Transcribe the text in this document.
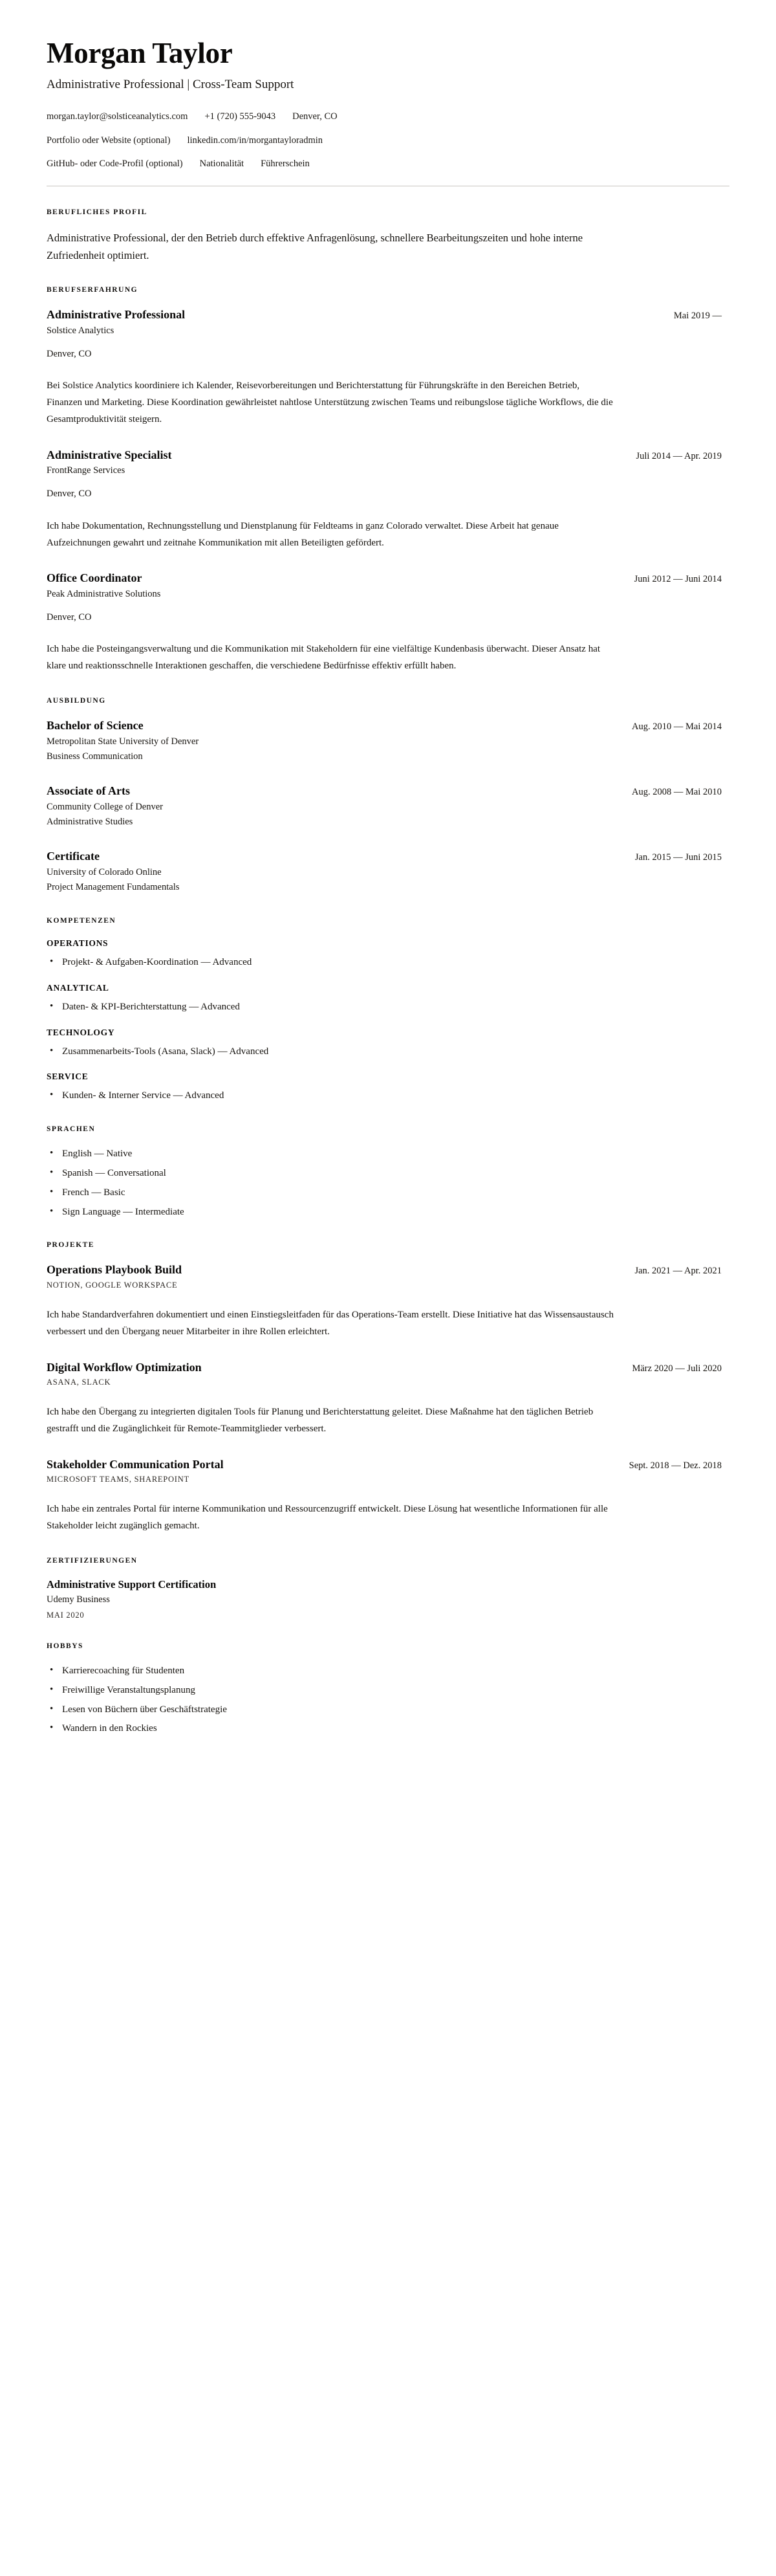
Morgan Taylor

Administrative Professional | Cross-Team Support

morgan.taylor@solsticeanalytics.com +1 (720) 555-9043 Denver, CO
Portfolio oder Website (optional) linkedin.com/in/morgantayloradmin
GitHub- oder Code-Profil (optional) Nationalität Führerschein
BERUFLICHES PROFIL

Administrative Professional, der den Betrieb durch effektive Anfragenlösung, schnellere Bearbeitungszeiten und hohe interne Zufriedenheit optimiert.

BERUFSERFAHRUNG
Administrative Professional	Mai 2019 —

Solstice Analytics

Denver, CO

Bei Solstice Analytics koordiniere ich Kalender, Reisevorbereitungen und Berichterstattung für Führungskräfte in den Bereichen Betrieb, Finanzen und Marketing. Diese Koordination gewährleistet nahtlose Unterstützung zwischen Teams und reibungslose tägliche Workflows, die die Gesamtproduktivität steigern.

Administrative Specialist	Juli 2014 — Apr. 2019

FrontRange Services

Denver, CO

Ich habe Dokumentation, Rechnungsstellung und Dienstplanung für Feldteams in ganz Colorado verwaltet. Diese Arbeit hat genaue Aufzeichnungen gewahrt und zeitnahe Kommunikation mit allen Beteiligten gefördert.

Office Coordinator	Juni 2012 — Juni 2014

Peak Administrative Solutions

Denver, CO

Ich habe die Posteingangsverwaltung und die Kommunikation mit Stakeholdern für eine vielfältige Kundenbasis überwacht. Dieser Ansatz hat klare und reaktionsschnelle Interaktionen geschaffen, die verschiedene Bedürfnisse effektiv erfüllt haben.

AUSBILDUNG
Bachelor of Science	Aug. 2010 — Mai 2014

Metropolitan State University of Denver

Business Communication

Associate of Arts	Aug. 2008 — Mai 2010

Community College of Denver

Administrative Studies

Certificate	Jan. 2015 — Juni 2015

University of Colorado Online

Project Management Fundamentals

KOMPETENZEN
OPERATIONS
• Projekt- & Aufgaben-Koordination — Advanced
ANALYTICAL
• Daten- & KPI-Berichterstattung — Advanced
TECHNOLOGY
• Zusammenarbeits-Tools (Asana, Slack) — Advanced
SERVICE
• Kunden- & Interner Service — Advanced
SPRACHEN
• English — Native
• Spanish — Conversational
• French — Basic
• Sign Language — Intermediate
PROJEKTE
Operations Playbook Build	Jan. 2021 — Apr. 2021

NOTION, GOOGLE WORKSPACE

Ich habe Standardverfahren dokumentiert und einen Einstiegsleitfaden für das Operations-Team erstellt. Diese Initiative hat das Wissensaustausch verbessert und den Übergang neuer Mitarbeiter in ihre Rollen erleichtert.

Digital Workflow Optimization	März 2020 — Juli 2020

ASANA, SLACK

Ich habe den Übergang zu integrierten digitalen Tools für Planung und Berichterstattung geleitet. Diese Maßnahme hat den täglichen Betrieb gestrafft und die Zugänglichkeit für Remote-Teammitglieder verbessert.

Stakeholder Communication Portal	Sept. 2018 — Dez. 2018

MICROSOFT TEAMS, SHAREPOINT

Ich habe ein zentrales Portal für interne Kommunikation und Ressourcenzugriff entwickelt. Diese Lösung hat wesentliche Informationen für alle Stakeholder leicht zugänglich gemacht.

ZERTIFIZIERUNGEN
Administrative Support Certification

Udemy Business

MAI 2020

HOBBYS
• Karrierecoaching für Studenten
• Freiwillige Veranstaltungsplanung
• Lesen von Büchern über Geschäftstrategie
• Wandern in den Rockies
